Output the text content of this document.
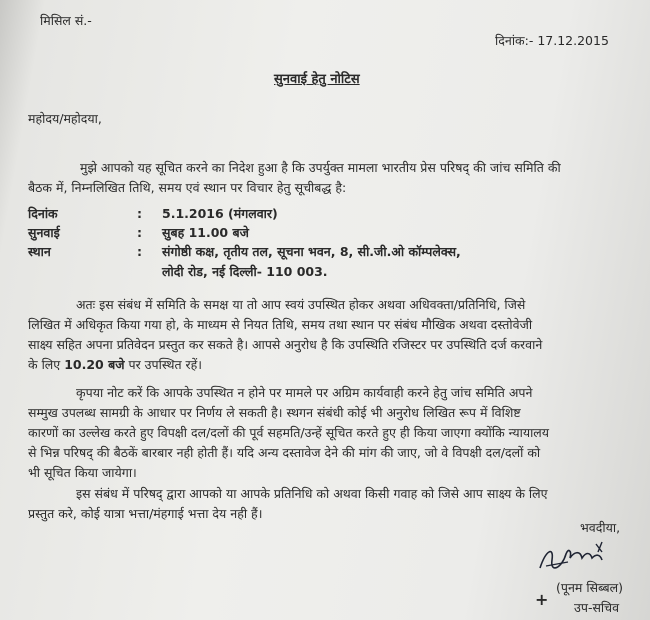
मिसिल सं.-
दिनांक:- 17.12.2015
सुनवाई हेतु नोटिस
महोदय/महोदया,
मुझे आपको यह सूचित करने का निदेश हुआ है कि उपर्युक्त मामला भारतीय प्रेस परिषद् की जांच समिति की
बैठक में, निम्नलिखित तिथि, समय एवं स्थान पर विचार हेतु सूचीबद्ध है:
दिनांक	: 5.1.2016 (मंगलवार)
सुनवाई	: सुबह 11.00 बजे
स्थान	: संगोष्ठी कक्ष, तृतीय तल, सूचना भवन, 8, सी.जी.ओ कॉम्पलेक्स,
लोदी रोड, नई दिल्ली- 110 003.
अतः इस संबंध में समिति के समक्ष या तो आप स्वयं उपस्थित होकर अथवा अधिवक्ता/प्रतिनिधि, जिसे
लिखित में अधिकृत किया गया हो, के माध्यम से नियत तिथि, समय तथा स्थान पर संबंध मौखिक अथवा दस्तोवेजी
साक्ष्य सहित अपना प्रतिवेदन प्रस्तुत कर सकते है। आपसे अनुरोध है कि उपस्थिति रजिस्टर पर उपस्थिति दर्ज करवाने
के लिए 10.20 बजे पर उपस्थित रहें।
कृपया नोट करें कि आपके उपस्थित न होने पर मामले पर अग्रिम कार्यवाही करने हेतु जांच समिति अपने
सम्मुख उपलब्ध सामग्री के आधार पर निर्णय ले सकती है। स्थगन संबंधी कोई भी अनुरोध लिखित रूप में विशिष्ट
कारणों का उल्लेख करते हुए विपक्षी दल/दलों की पूर्व सहमति/उन्हें सूचित करते हुए ही किया जाएगा क्योंकि न्यायालय
से भिन्न परिषद् की बैठकें बारबार नही होती हैं। यदि अन्य दस्तावेज देने की मांग की जाए, जो वे विपक्षी दल/दलों को
भी सूचित किया जायेगा।
इस संबंध में परिषद् द्वारा आपको या आपके प्रतिनिधि को अथवा किसी गवाह को जिसे आप साक्ष्य के लिए
प्रस्तुत करे, कोई यात्रा भत्ता/मंहगाई भत्ता देय नही हैं।
भवदीया,
+
(पूनम सिब्बल)
उप-सचिव
